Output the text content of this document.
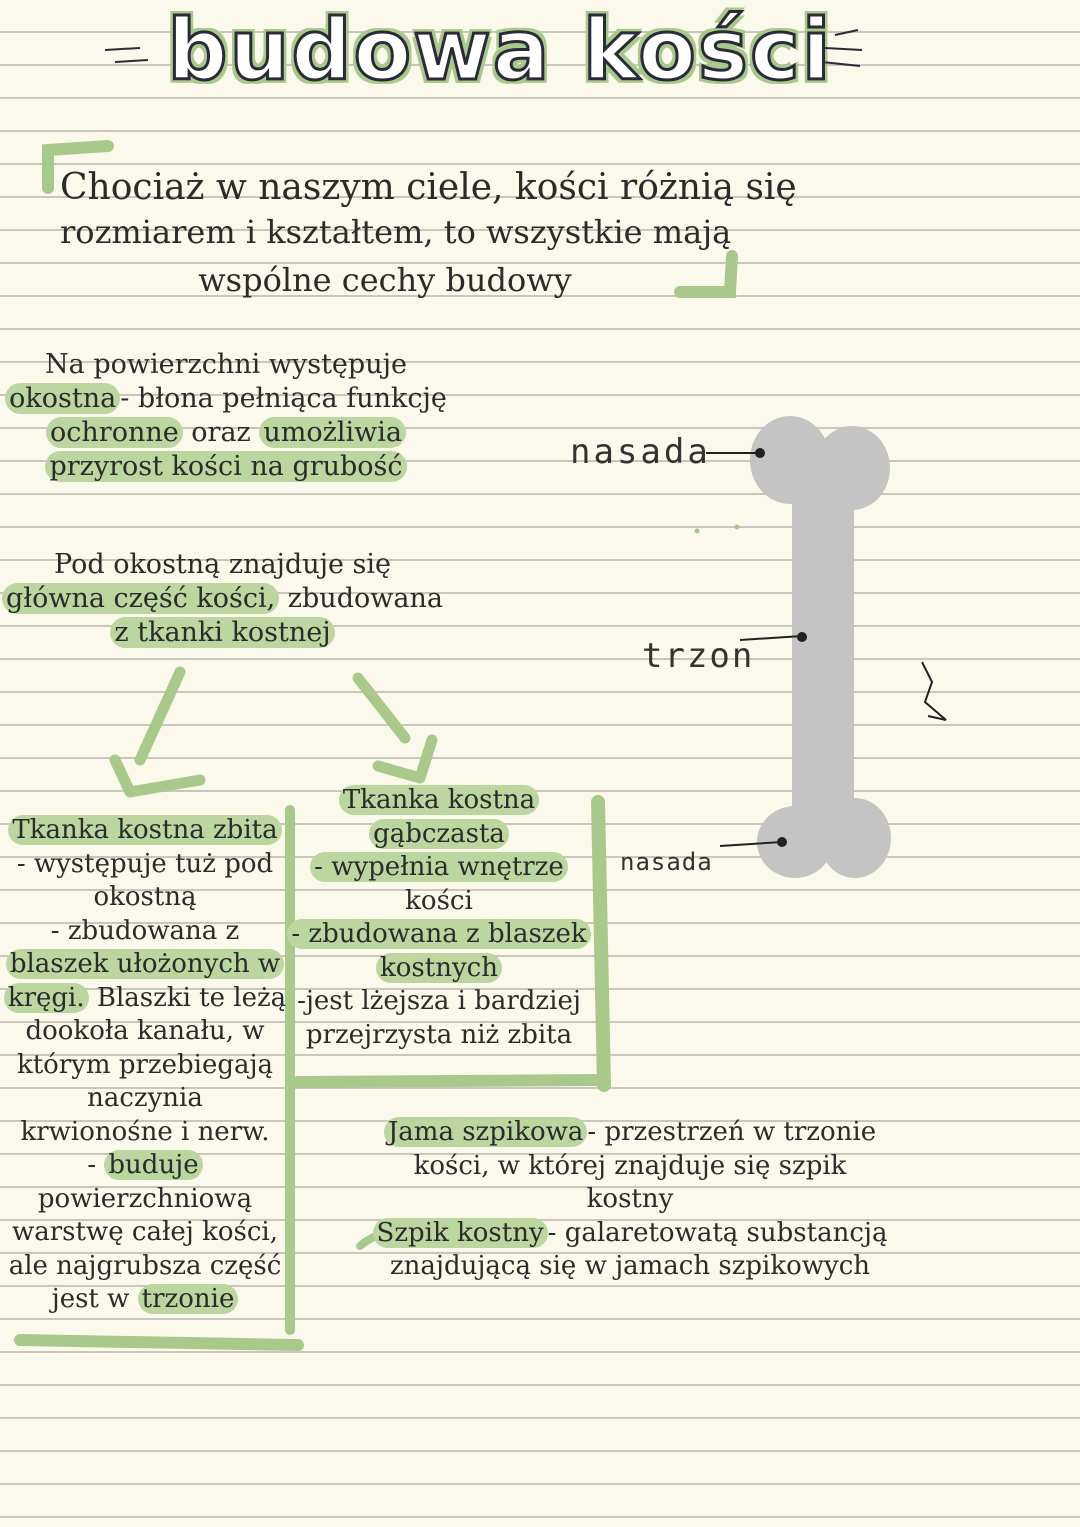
budowa kości
Chociaż w naszym ciele, kości różnią się
rozmiarem i kształtem, to wszystkie mają
wspólne cechy budowy
Na powierzchni występuje
okostna - błona pełniąca funkcję
ochronne oraz umożliwia
przyrost kości na grubość
Pod okostną znajduje się
główna część kości, zbudowana
z tkanki kostnej
Tkanka kostna zbita
- występuje tuż pod
okostną
- zbudowana z
blaszek ułożonych w
kręgi. Blaszki te leżą
dookoła kanału, w
którym przebiegają
naczynia
krwionośne i nerw.
- buduje
powierzchniową
warstwę całej kości,
ale najgrubsza część
jest w trzonie
Tkanka kostna
gąbczasta
- wypełnia wnętrze
kości
- zbudowana z blaszek
kostnych
-jest lżejsza i bardziej
przejrzysta niż zbita
Jama szpikowa - przestrzeń w trzonie
kości, w której znajduje się szpik
kostny
Szpik kostny - galaretowatą substancją
znajdującą się w jamach szpikowych
nasada
trzon
nasada
